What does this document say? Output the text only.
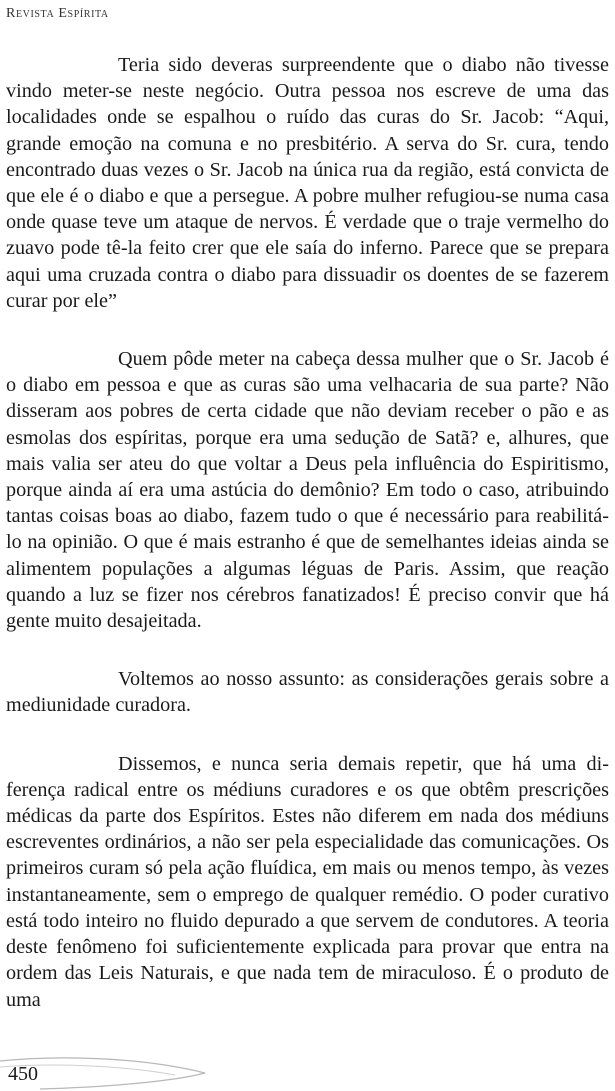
Revista Espírita

Teria sido deveras surpreendente que o diabo não tivesse vindo meter-se neste negócio. Outra pessoa nos escreve de uma das localidades onde se espalhou o ruído das curas do Sr. Jacob: “Aqui, grande emoção na comuna e no presbitério. A serva do Sr. cura, tendo encontrado duas vezes o Sr. Jacob na única rua da região, está convicta de que ele é o diabo e que a persegue. A pobre mulher refugiou-se numa casa onde quase teve um ataque de nervos. É verdade que o traje vermelho do zuavo pode tê-la feito crer que ele saía do inferno. Parece que se prepara aqui uma cruzada contra o diabo para dissuadir os doentes de se fazerem curar por ele”

Quem pôde meter na cabeça dessa mulher que o Sr. Jacob é o diabo em pessoa e que as curas são uma velhacaria de sua parte? Não disseram aos pobres de certa cidade que não deviam receber o pão e as esmolas dos espíritas, porque era uma sedução de Satã? e, alhures, que mais valia ser ateu do que voltar a Deus pela influência do Espiritismo, porque ainda aí era uma astúcia do demônio? Em todo o caso, atribuindo tantas coisas boas ao diabo, fazem tudo o que é necessário para reabilitá-lo na opinião. O que é mais estranho é que de semelhantes ideias ainda se alimentem populações a algumas léguas de Paris. Assim, que reação quando a luz se fizer nos cérebros fanatizados! É preciso convir que há gente muito desajeitada.

Voltemos ao nosso assunto: as considerações gerais sobre a mediunidade curadora.

Dissemos, e nunca seria demais repetir, que há uma diferença radical entre os médiuns curadores e os que obtêm prescrições médicas da parte dos Espíritos. Estes não diferem em nada dos médiuns escreventes ordinários, a não ser pela especialidade das comunicações. Os primeiros curam só pela ação fluídica, em mais ou menos tempo, às vezes instantaneamente, sem o emprego de qualquer remédio. O poder curativo está todo inteiro no fluido depurado a que servem de condutores. A teoria deste fenômeno foi suficientemente explicada para provar que entra na ordem das Leis Naturais, e que nada tem de miraculoso. É o produto de uma

450
